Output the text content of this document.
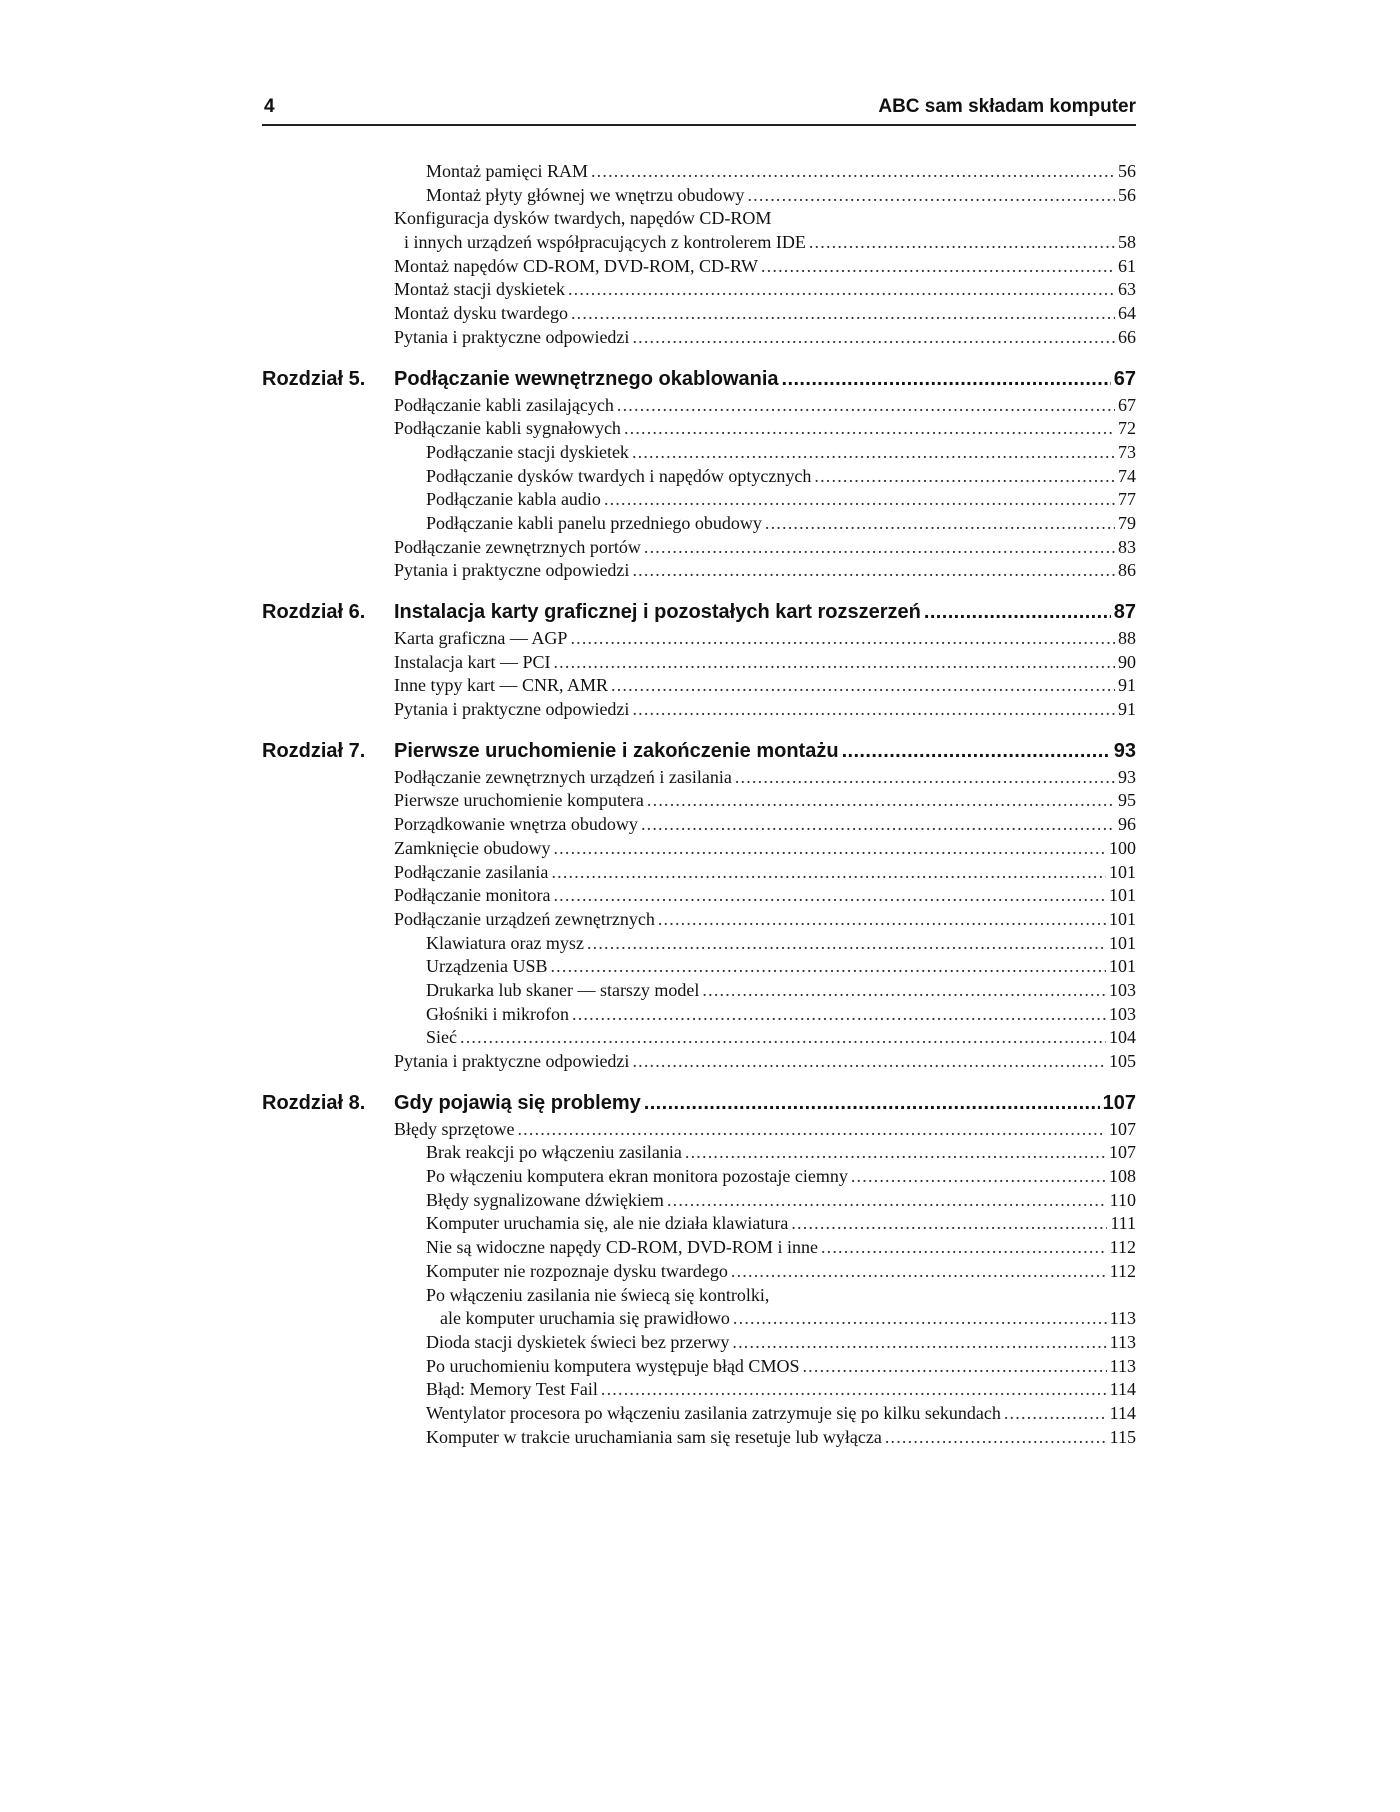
4	ABC sam składam komputer
Montaż pamięci RAM .....	56
Montaż płyty głównej we wnętrzu obudowy .....	56
Konfiguracja dysków twardych, napędów CD-ROM
i innych urządzeń współpracujących z kontrolerem IDE .....	58
Montaż napędów CD-ROM, DVD-ROM, CD-RW .....	61
Montaż stacji dyskietek .....	63
Montaż dysku twardego .....	64
Pytania i praktyczne odpowiedzi .....	66
Rozdział 5. Podłączanie wewnętrznego okablowania .....	67
Podłączanie kabli zasilających .....	67
Podłączanie kabli sygnałowych .....	72
Podłączanie stacji dyskietek .....	73
Podłączanie dysków twardych i napędów optycznych .....	74
Podłączanie kabla audio .....	77
Podłączanie kabli panelu przedniego obudowy .....	79
Podłączanie zewnętrznych portów .....	83
Pytania i praktyczne odpowiedzi .....	86
Rozdział 6. Instalacja karty graficznej i pozostałych kart rozszerzeń .....	87
Karta graficzna — AGP .....	88
Instalacja kart — PCI .....	90
Inne typy kart — CNR, AMR .....	91
Pytania i praktyczne odpowiedzi .....	91
Rozdział 7. Pierwsze uruchomienie i zakończenie montażu .....	93
Podłączanie zewnętrznych urządzeń i zasilania .....	93
Pierwsze uruchomienie komputera .....	95
Porządkowanie wnętrza obudowy .....	96
Zamknięcie obudowy .....	100
Podłączanie zasilania .....	101
Podłączanie monitora .....	101
Podłączanie urządzeń zewnętrznych .....	101
Klawiatura oraz mysz .....	101
Urządzenia USB .....	101
Drukarka lub skaner — starszy model .....	103
Głośniki i mikrofon .....	103
Sieć .....	104
Pytania i praktyczne odpowiedzi .....	105
Rozdział 8. Gdy pojawią się problemy .....	107
Błędy sprzętowe .....	107
Brak reakcji po włączeniu zasilania .....	107
Po włączeniu komputera ekran monitora pozostaje ciemny .....	108
Błędy sygnalizowane dźwiękiem .....	110
Komputer uruchamia się, ale nie działa klawiatura .....	111
Nie są widoczne napędy CD-ROM, DVD-ROM i inne .....	112
Komputer nie rozpoznaje dysku twardego .....	112
Po włączeniu zasilania nie świecą się kontrolki,
ale komputer uruchamia się prawidłowo .....	113
Dioda stacji dyskietek świeci bez przerwy .....	113
Po uruchomieniu komputera występuje błąd CMOS .....	113
Błąd: Memory Test Fail .....	114
Wentylator procesora po włączeniu zasilania zatrzymuje się po kilku sekundach .....	114
Komputer w trakcie uruchamiania sam się resetuje lub wyłącza .....	115
